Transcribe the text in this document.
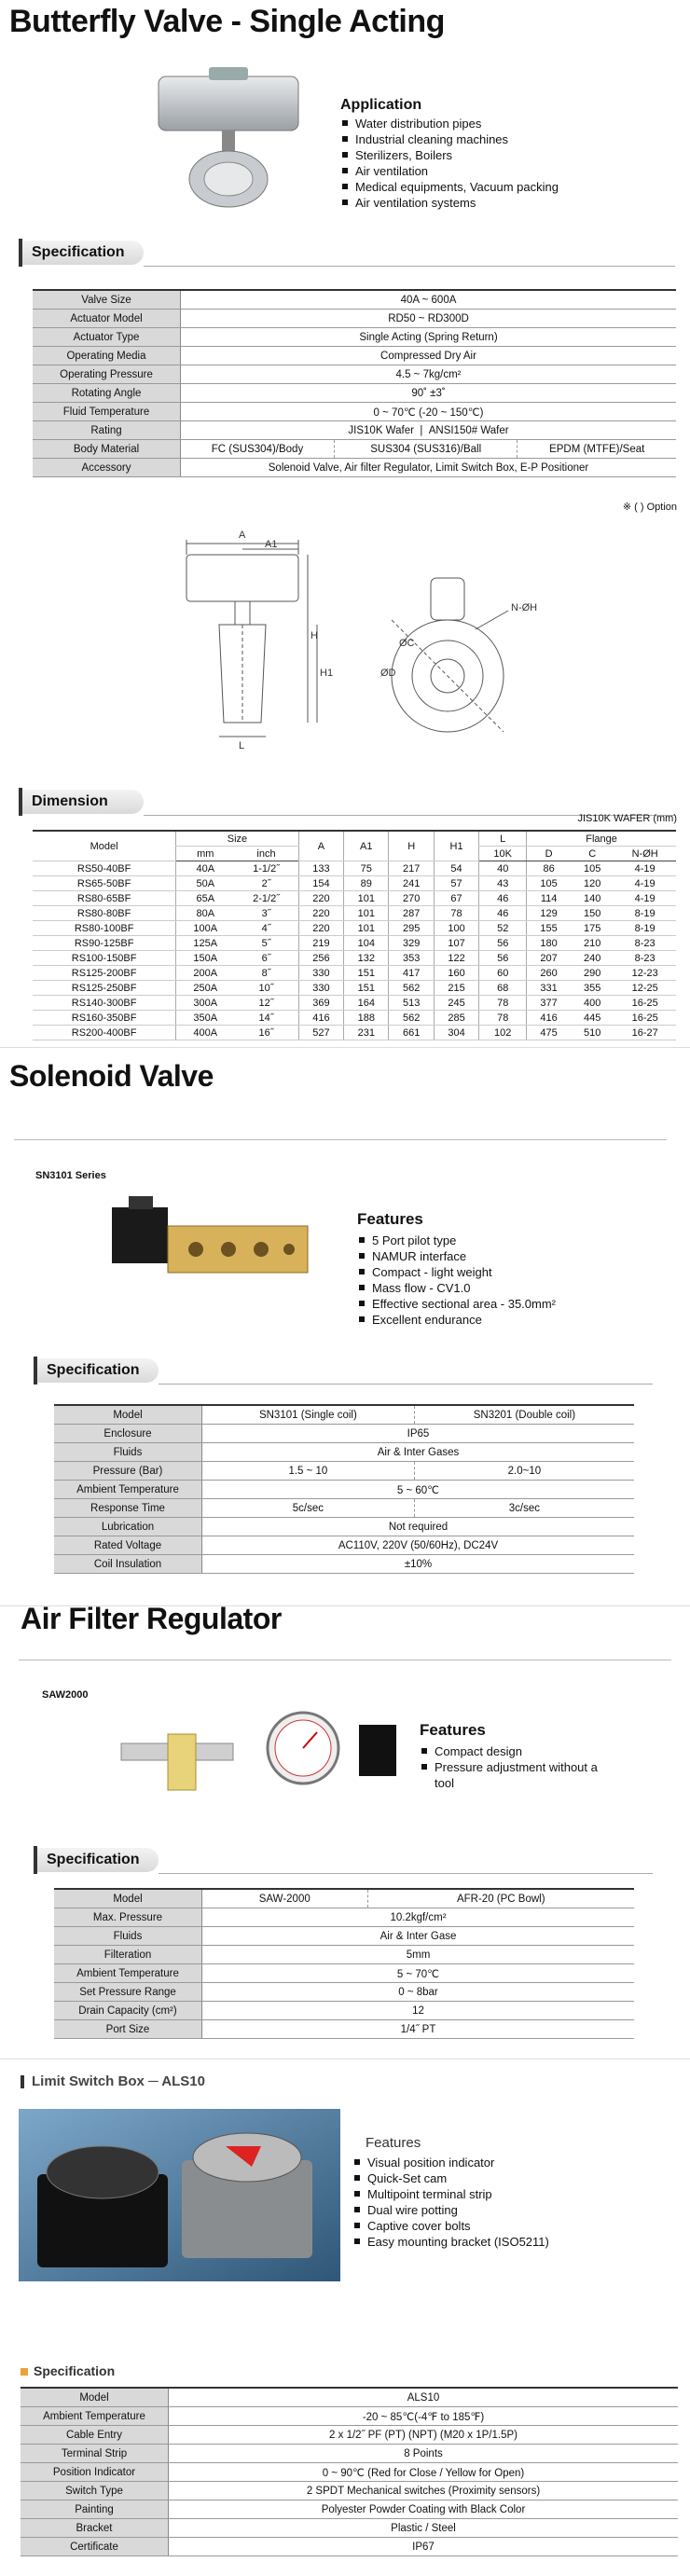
Butterfly Valve - Single Acting
Application
Water distribution pipes
Industrial cleaning machines
Sterilizers, Boilers
Air ventilation
Medical equipments, Vacuum packing
Air ventilation systems
Specification
Valve Size	40A ~ 600A		
Actuator Model	RD50 ~ RD300D		
Actuator Type	Single Acting (Spring Return)		
Operating Media	Compressed Dry Air		
Operating Pressure	4.5 ~ 7kg/cm²		
Rotating Angle	90˚ ±3˚		
Fluid Temperature	0 ~ 70℃ (-20 ~ 150℃)		
Rating	JIS10K Wafer  |  ANSI150# Wafer		
Body Material	FC (SUS304)/Body	SUS304 (SUS316)/Ball	EPDM (MTFE)/Seat
Accessory	Solenoid Valve, Air filter Regulator, Limit Switch Box, E-P Positioner		
※ ( ) Option
A
A1
H
H1
L
ØC
ØD
N-ØH
Dimension
JIS10K WAFER (mm)
Model	Size		A	A1	H	H1	L	Flange		
	mm	inch					10K	D	C	N-ØH
RS50-40BF	40A	1-1/2˝	133	75	217	54	40	86	105	4-19
RS65-50BF	50A	2˝	154	89	241	57	43	105	120	4-19
RS80-65BF	65A	2-1/2˝	220	101	270	67	46	114	140	4-19
RS80-80BF	80A	3˝	220	101	287	78	46	129	150	8-19
RS80-100BF	100A	4˝	220	101	295	100	52	155	175	8-19
RS90-125BF	125A	5˝	219	104	329	107	56	180	210	8-23
RS100-150BF	150A	6˝	256	132	353	122	56	207	240	8-23
RS125-200BF	200A	8˝	330	151	417	160	60	260	290	12-23
RS125-250BF	250A	10˝	330	151	562	215	68	331	355	12-25
RS140-300BF	300A	12˝	369	164	513	245	78	377	400	16-25
RS160-350BF	350A	14˝	416	188	562	285	78	416	445	16-25
RS200-400BF	400A	16˝	527	231	661	304	102	475	510	16-27
Solenoid Valve
SN3101 Series
Features
5 Port pilot type
NAMUR interface
Compact - light weight
Mass flow - CV1.0
Effective sectional area - 35.0mm²
Excellent endurance
Specification
Model	SN3101 (Single coil)	SN3201 (Double coil)
Enclosure	IP65	
Fluids	Air & Inter Gases	
Pressure (Bar)	1.5 ~ 10	2.0~10
Ambient Temperature	5 ~ 60℃	
Response Time	5c/sec	3c/sec
Lubrication	Not required	
Rated Voltage	AC110V, 220V (50/60Hz), DC24V	
Coil Insulation	±10%	
Air Filter Regulator
SAW2000
Features
Compact design
Pressure adjustment without a tool
Specification
Model	SAW-2000	AFR-20 (PC Bowl)
Max. Pressure	10.2kgf/cm²	
Fluids	Air & Inter Gase	
Filteration	5mm	
Ambient Temperature	5 ~ 70℃	
Set Pressure Range	0 ~ 8bar	
Drain Capacity (cm²)	12	
Port Size	1/4˝ PT	
Limit Switch Box ─ ALS10
Features
Visual position indicator
Quick-Set cam
Multipoint terminal strip
Dual wire potting
Captive cover bolts
Easy mounting bracket (ISO5211)
Specification
Model	ALS10
Ambient Temperature	-20 ~ 85℃(-4℉ to 185℉)
Cable Entry	2 x 1/2˝ PF (PT) (NPT) (M20 x 1P/1.5P)
Terminal Strip	8 Points
Position Indicator	0 ~ 90℃ (Red for Close / Yellow for Open)
Switch Type	2 SPDT Mechanical switches (Proximity sensors)
Painting	Polyester Powder Coating with Black Color
Bracket	Plastic / Steel
Certificate	IP67
